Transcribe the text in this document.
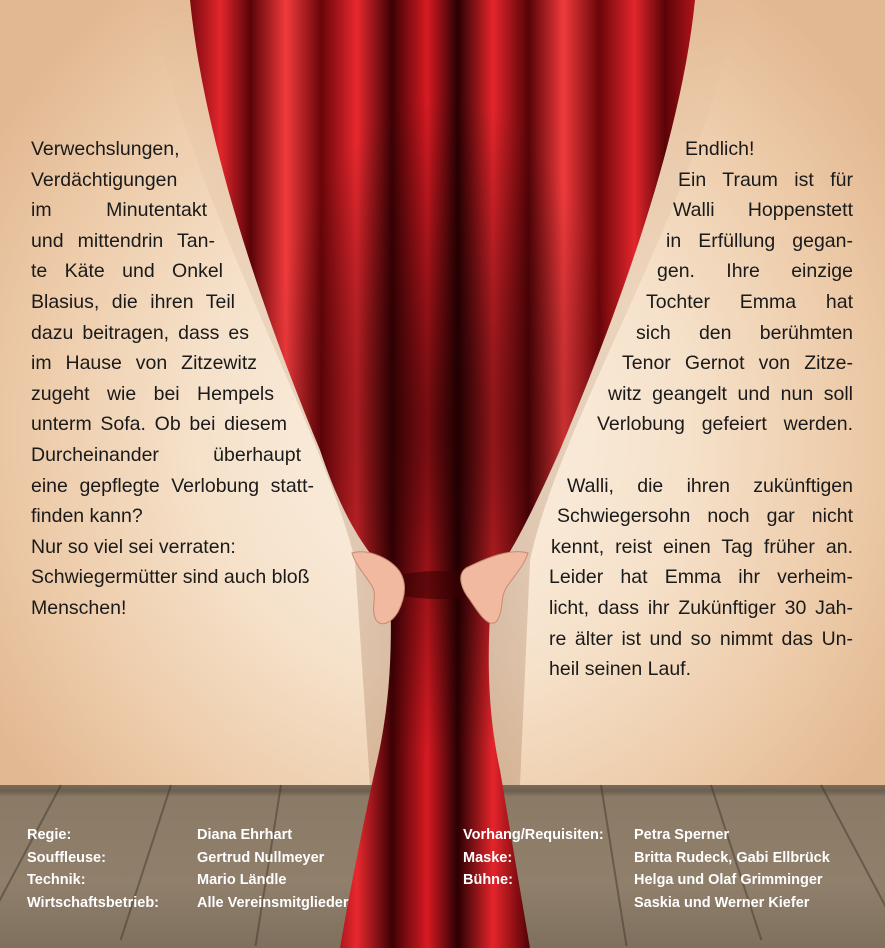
Verwechslungen,
Verdächtigungen
im Minutentakt
und mittendrin Tan-
te Käte und Onkel
Blasius, die ihren Teil
dazu beitragen, dass es
im Hause von Zitzewitz
zugeht wie bei Hempels
unterm Sofa. Ob bei diesem
Durcheinander überhaupt
eine gepflegte Verlobung statt-
finden kann?
Nur so viel sei verraten:
Schwiegermütter sind auch bloß
Menschen!
Endlich!
Ein Traum ist für
Walli Hoppenstett
in Erfüllung gegan-
gen. Ihre einzige
Tochter Emma hat
sich den berühmten
Tenor Gernot von Zitze-
witz geangelt und nun soll
Verlobung gefeiert werden.
Walli, die ihren zukünftigen
Schwiegersohn noch gar nicht
kennt, reist einen Tag früher an.
Leider hat Emma ihr verheim-
licht, dass ihr Zukünftiger 30 Jah-
re älter ist und so nimmt das Un-
heil seinen Lauf.
Regie:
Souffleuse:
Technik:
Wirtschaftsbetrieb:
Diana Ehrhart
Gertrud Nullmeyer
Mario Ländle
Alle Vereinsmitglieder
Vorhang/Requisiten:
Maske:
Bühne:
Petra Sperner
Britta Rudeck, Gabi Ellbrück
Helga und Olaf Grimminger
Saskia und Werner Kiefer
